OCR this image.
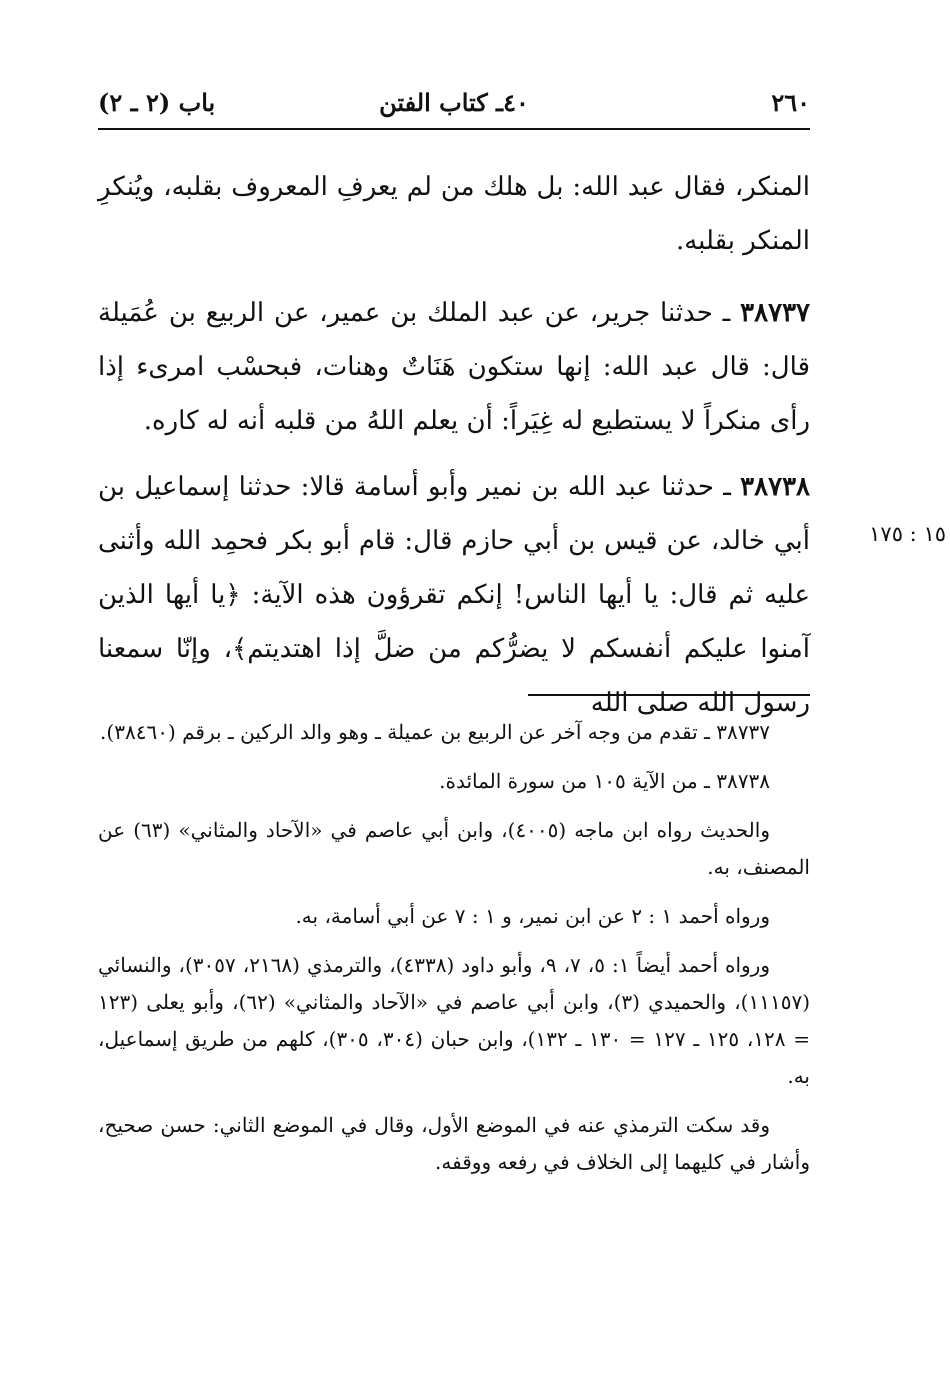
٢٦٠
٤٠ـ كتاب الفتن
باب (٢ ـ ٢)

المنكر، فقال عبد الله: بل هلك من لم يعرفِ المعروف بقلبه، ويُنكرِ المنكر بقلبه.

٣٨٧٣٧ ـ حدثنا جرير، عن عبد الملك بن عمير، عن الربيع بن عُمَيلة قال: قال عبد الله: إنها ستكون هَنَاتٌ وهنات، فبحسْب امرىء إذا رأى منكراً لا يستطيع له غِيَراً: أن يعلم اللهُ من قلبه أنه له كاره.

٣٨٧٣٨ ـ حدثنا عبد الله بن نمير وأبو أسامة قالا: حدثنا إسماعيل بن أبي خالد، عن قيس بن أبي حازم قال: قام أبو بكر فحمِد الله وأثنى عليه ثم قال: يا أيها الناس! إنكم تقرؤون هذه الآية: ﴿يا أيها الذين آمنوا عليكم أنفسكم لا يضرُّكم من ضلَّ إذا اهتديتم﴾، وإنّا سمعنا رسول الله صلى الله

١٥ : ١٧٥

٣٨٧٣٧ ـ تقدم من وجه آخر عن الربيع بن عميلة ـ وهو والد الركين ـ برقم (٣٨٤٦٠).

٣٨٧٣٨ ـ من الآية ١٠٥ من سورة المائدة.

والحديث رواه ابن ماجه (٤٠٠٥)، وابن أبي عاصم في «الآحاد والمثاني» (٦٣) عن المصنف، به.

ورواه أحمد ١ : ٢ عن ابن نمير، و ١ : ٧ عن أبي أسامة، به.

ورواه أحمد أيضاً ١: ٥، ٧، ٩، وأبو داود (٤٣٣٨)، والترمذي (٢١٦٨، ٣٠٥٧)، والنسائي (١١١٥٧)، والحميدي (٣)، وابن أبي عاصم في «الآحاد والمثاني» (٦٢)، وأبو يعلى (١٢٣ = ١٢٨، ١٢٥ ـ ١٢٧ = ١٣٠ ـ ١٣٢)، وابن حبان (٣٠٤، ٣٠٥)، كلهم من طريق إسماعيل، به.

وقد سكت الترمذي عنه في الموضع الأول، وقال في الموضع الثاني: حسن صحيح، وأشار في كليهما إلى الخلاف في رفعه ووقفه.
